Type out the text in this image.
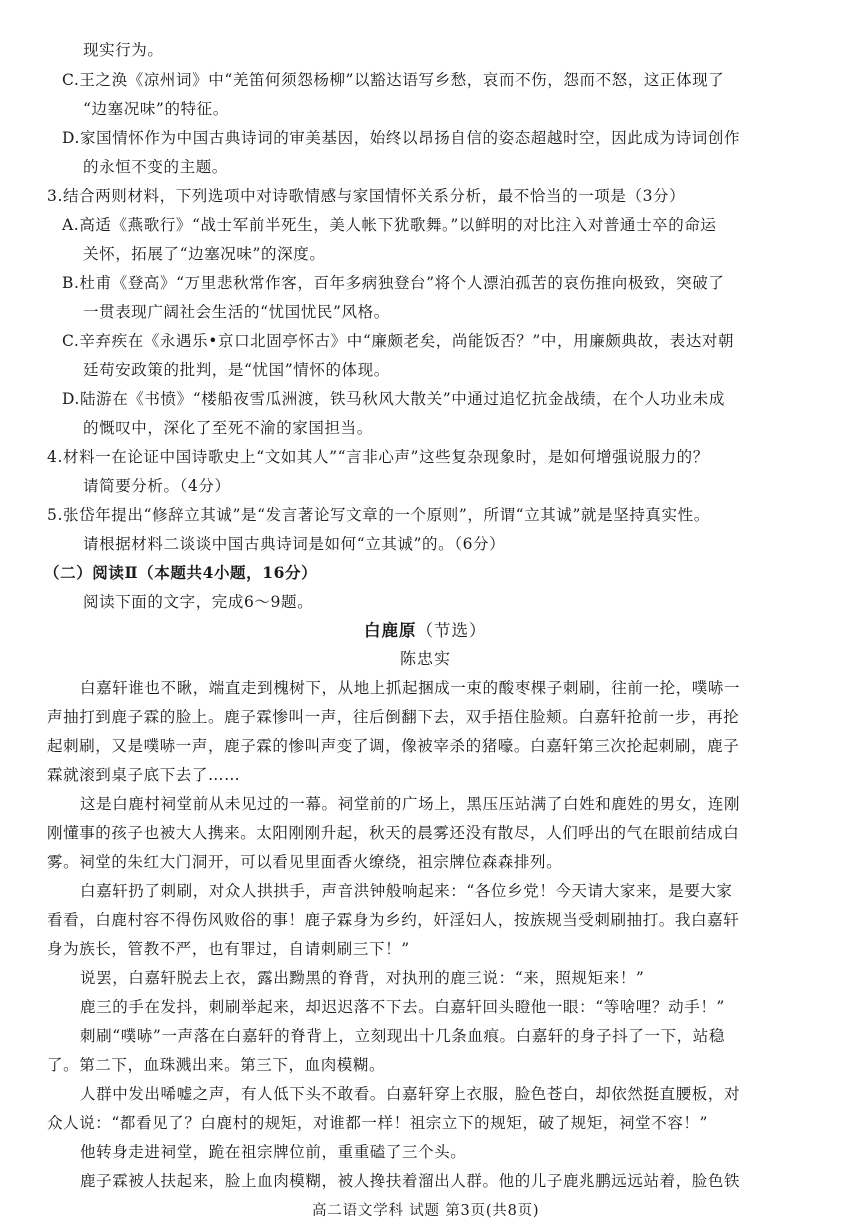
现实行为。
C.王之涣《凉州词》中“羌笛何须怨杨柳”以豁达语写乡愁，哀而不伤，怨而不怒，这正体现了
“边塞况味”的特征。
D.家国情怀作为中国古典诗词的审美基因，始终以昂扬自信的姿态超越时空，因此成为诗词创作
的永恒不变的主题。
3.结合两则材料，下列选项中对诗歌情感与家国情怀关系分析，最不恰当的一项是（3分）
A.高适《燕歌行》“战士军前半死生，美人帐下犹歌舞。”以鲜明的对比注入对普通士卒的命运
关怀，拓展了“边塞况味”的深度。
B.杜甫《登高》“万里悲秋常作客，百年多病独登台”将个人漂泊孤苦的哀伤推向极致，突破了
一贯表现广阔社会生活的“忧国忧民”风格。
C.辛弃疾在《永遇乐•京口北固亭怀古》中“廉颇老矣，尚能饭否？”中，用廉颇典故，表达对朝
廷苟安政策的批判，是“忧国”情怀的体现。
D.陆游在《书愤》“楼船夜雪瓜洲渡，铁马秋风大散关”中通过追忆抗金战绩，在个人功业未成
的慨叹中，深化了至死不渝的家国担当。
4.材料一在论证中国诗歌史上“文如其人”“言非心声”这些复杂现象时，是如何增强说服力的？
请简要分析。（4分）
5.张岱年提出“修辞立其诚”是“发言著论写文章的一个原则”，所谓“立其诚”就是坚持真实性。
请根据材料二谈谈中国古典诗词是如何“立其诚”的。（6分）
（二）阅读Ⅱ（本题共4小题，16分）
阅读下面的文字，完成6～9题。
白鹿原（节选）
陈忠实
白嘉轩谁也不瞅，端直走到槐树下，从地上抓起捆成一束的酸枣棵子刺刷，往前一抡，噗哧一
声抽打到鹿子霖的脸上。鹿子霖惨叫一声，往后倒翻下去，双手捂住脸颊。白嘉轩抢前一步，再抡
起刺刷，又是噗哧一声，鹿子霖的惨叫声变了调，像被宰杀的猪嚎。白嘉轩第三次抡起刺刷，鹿子
霖就滚到桌子底下去了……
这是白鹿村祠堂前从未见过的一幕。祠堂前的广场上，黑压压站满了白姓和鹿姓的男女，连刚
刚懂事的孩子也被大人携来。太阳刚刚升起，秋天的晨雾还没有散尽，人们呼出的气在眼前结成白
雾。祠堂的朱红大门洞开，可以看见里面香火缭绕，祖宗牌位森森排列。
白嘉轩扔了刺刷，对众人拱拱手，声音洪钟般响起来：“各位乡党！今天请大家来，是要大家
看看，白鹿村容不得伤风败俗的事！鹿子霖身为乡约，奸淫妇人，按族规当受刺刷抽打。我白嘉轩
身为族长，管教不严，也有罪过，自请刺刷三下！”
说罢，白嘉轩脱去上衣，露出黝黑的脊背，对执刑的鹿三说：“来，照规矩来！”
鹿三的手在发抖，刺刷举起来，却迟迟落不下去。白嘉轩回头瞪他一眼：“等啥哩？动手！”
刺刷“噗哧”一声落在白嘉轩的脊背上，立刻现出十几条血痕。白嘉轩的身子抖了一下，站稳
了。第二下，血珠溅出来。第三下，血肉模糊。
人群中发出唏嘘之声，有人低下头不敢看。白嘉轩穿上衣服，脸色苍白，却依然挺直腰板，对
众人说：“都看见了？白鹿村的规矩，对谁都一样！祖宗立下的规矩，破了规矩，祠堂不容！”
他转身走进祠堂，跪在祖宗牌位前，重重磕了三个头。
鹿子霖被人扶起来，脸上血肉模糊，被人搀扶着溜出人群。他的儿子鹿兆鹏远远站着，脸色铁
高二语文学科 试题 第3页(共8页)
